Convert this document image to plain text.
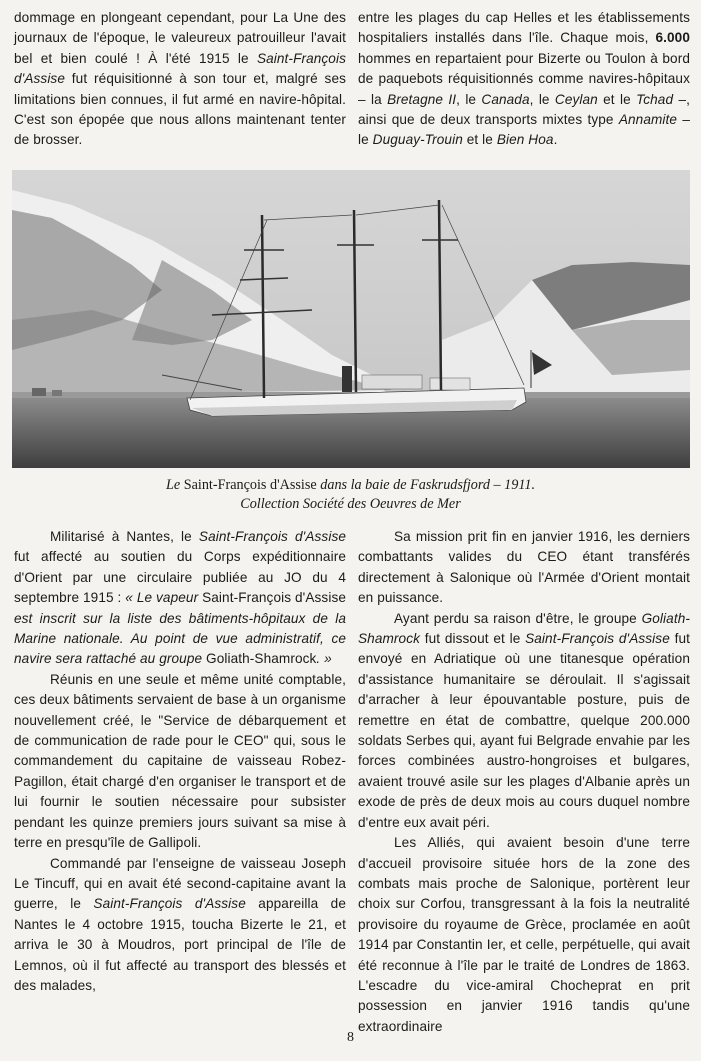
dommage en plongeant cependant, pour La Une des journaux de l'époque, le valeureux patrouilleur l'avait bel et bien coulé ! À l'été 1915 le Saint-François d'Assise fut réquisitionné à son tour et, malgré ses limitations bien connues, il fut armé en navire-hôpital. C'est son épopée que nous allons maintenant tenter de brosser.

entre les plages du cap Helles et les établissements hospitaliers installés dans l'île. Chaque mois, 6.000 hommes en repartaient pour Bizerte ou Toulon à bord de paquebots réquisitionnés comme navires-hôpitaux – la Bretagne II, le Canada, le Ceylan et le Tchad –, ainsi que de deux transports mixtes type Annamite – le Duguay-Trouin et le Bien Hoa.

Le Saint-François d'Assise dans la baie de Faskrudsfjord – 1911.
Collection Société des Oeuvres de Mer

Militarisé à Nantes, le Saint-François d'Assise fut affecté au soutien du Corps expéditionnaire d'Orient par une circulaire publiée au JO du 4 septembre 1915 : « Le vapeur Saint-François d'Assise est inscrit sur la liste des bâtiments-hôpitaux de la Marine nationale. Au point de vue administratif, ce navire sera rattaché au groupe Goliath-Shamrock. »

Réunis en une seule et même unité comptable, ces deux bâtiments servaient de base à un organisme nouvellement créé, le "Service de débarquement et de communication de rade pour le CEO" qui, sous le commandement du capitaine de vaisseau Robez-Pagillon, était chargé d'en organiser le transport et de lui fournir le soutien nécessaire pour subsister pendant les quinze premiers jours suivant sa mise à terre en presqu'île de Gallipoli.

Commandé par l'enseigne de vaisseau Joseph Le Tincuff, qui en avait été second-capitaine avant la guerre, le Saint-François d'Assise appareilla de Nantes le 4 octobre 1915, toucha Bizerte le 21, et arriva le 30 à Moudros, port principal de l'île de Lemnos, où il fut affecté au transport des blessés et des malades,

Sa mission prit fin en janvier 1916, les derniers combattants valides du CEO étant transférés directement à Salonique où l'Armée d'Orient montait en puissance.

Ayant perdu sa raison d'être, le groupe Goliath-Shamrock fut dissout et le Saint-François d'Assise fut envoyé en Adriatique où une titanesque opération d'assistance humanitaire se déroulait. Il s'agissait d'arracher à leur épouvantable posture, puis de remettre en état de combattre, quelque 200.000 soldats Serbes qui, ayant fui Belgrade envahie par les forces combinées austro-hongroises et bulgares, avaient trouvé asile sur les plages d'Albanie après un exode de près de deux mois au cours duquel nombre d'entre eux avait péri.

Les Alliés, qui avaient besoin d'une terre d'accueil provisoire située hors de la zone des combats mais proche de Salonique, portèrent leur choix sur Corfou, transgressant à la fois la neutralité provisoire du royaume de Grèce, proclamée en août 1914 par Constantin Ier, et celle, perpétuelle, qui avait été reconnue à l'île par le traité de Londres de 1863. L'escadre du vice-amiral Chocheprat en prit possession en janvier 1916 tandis qu'une extraordinaire

8
